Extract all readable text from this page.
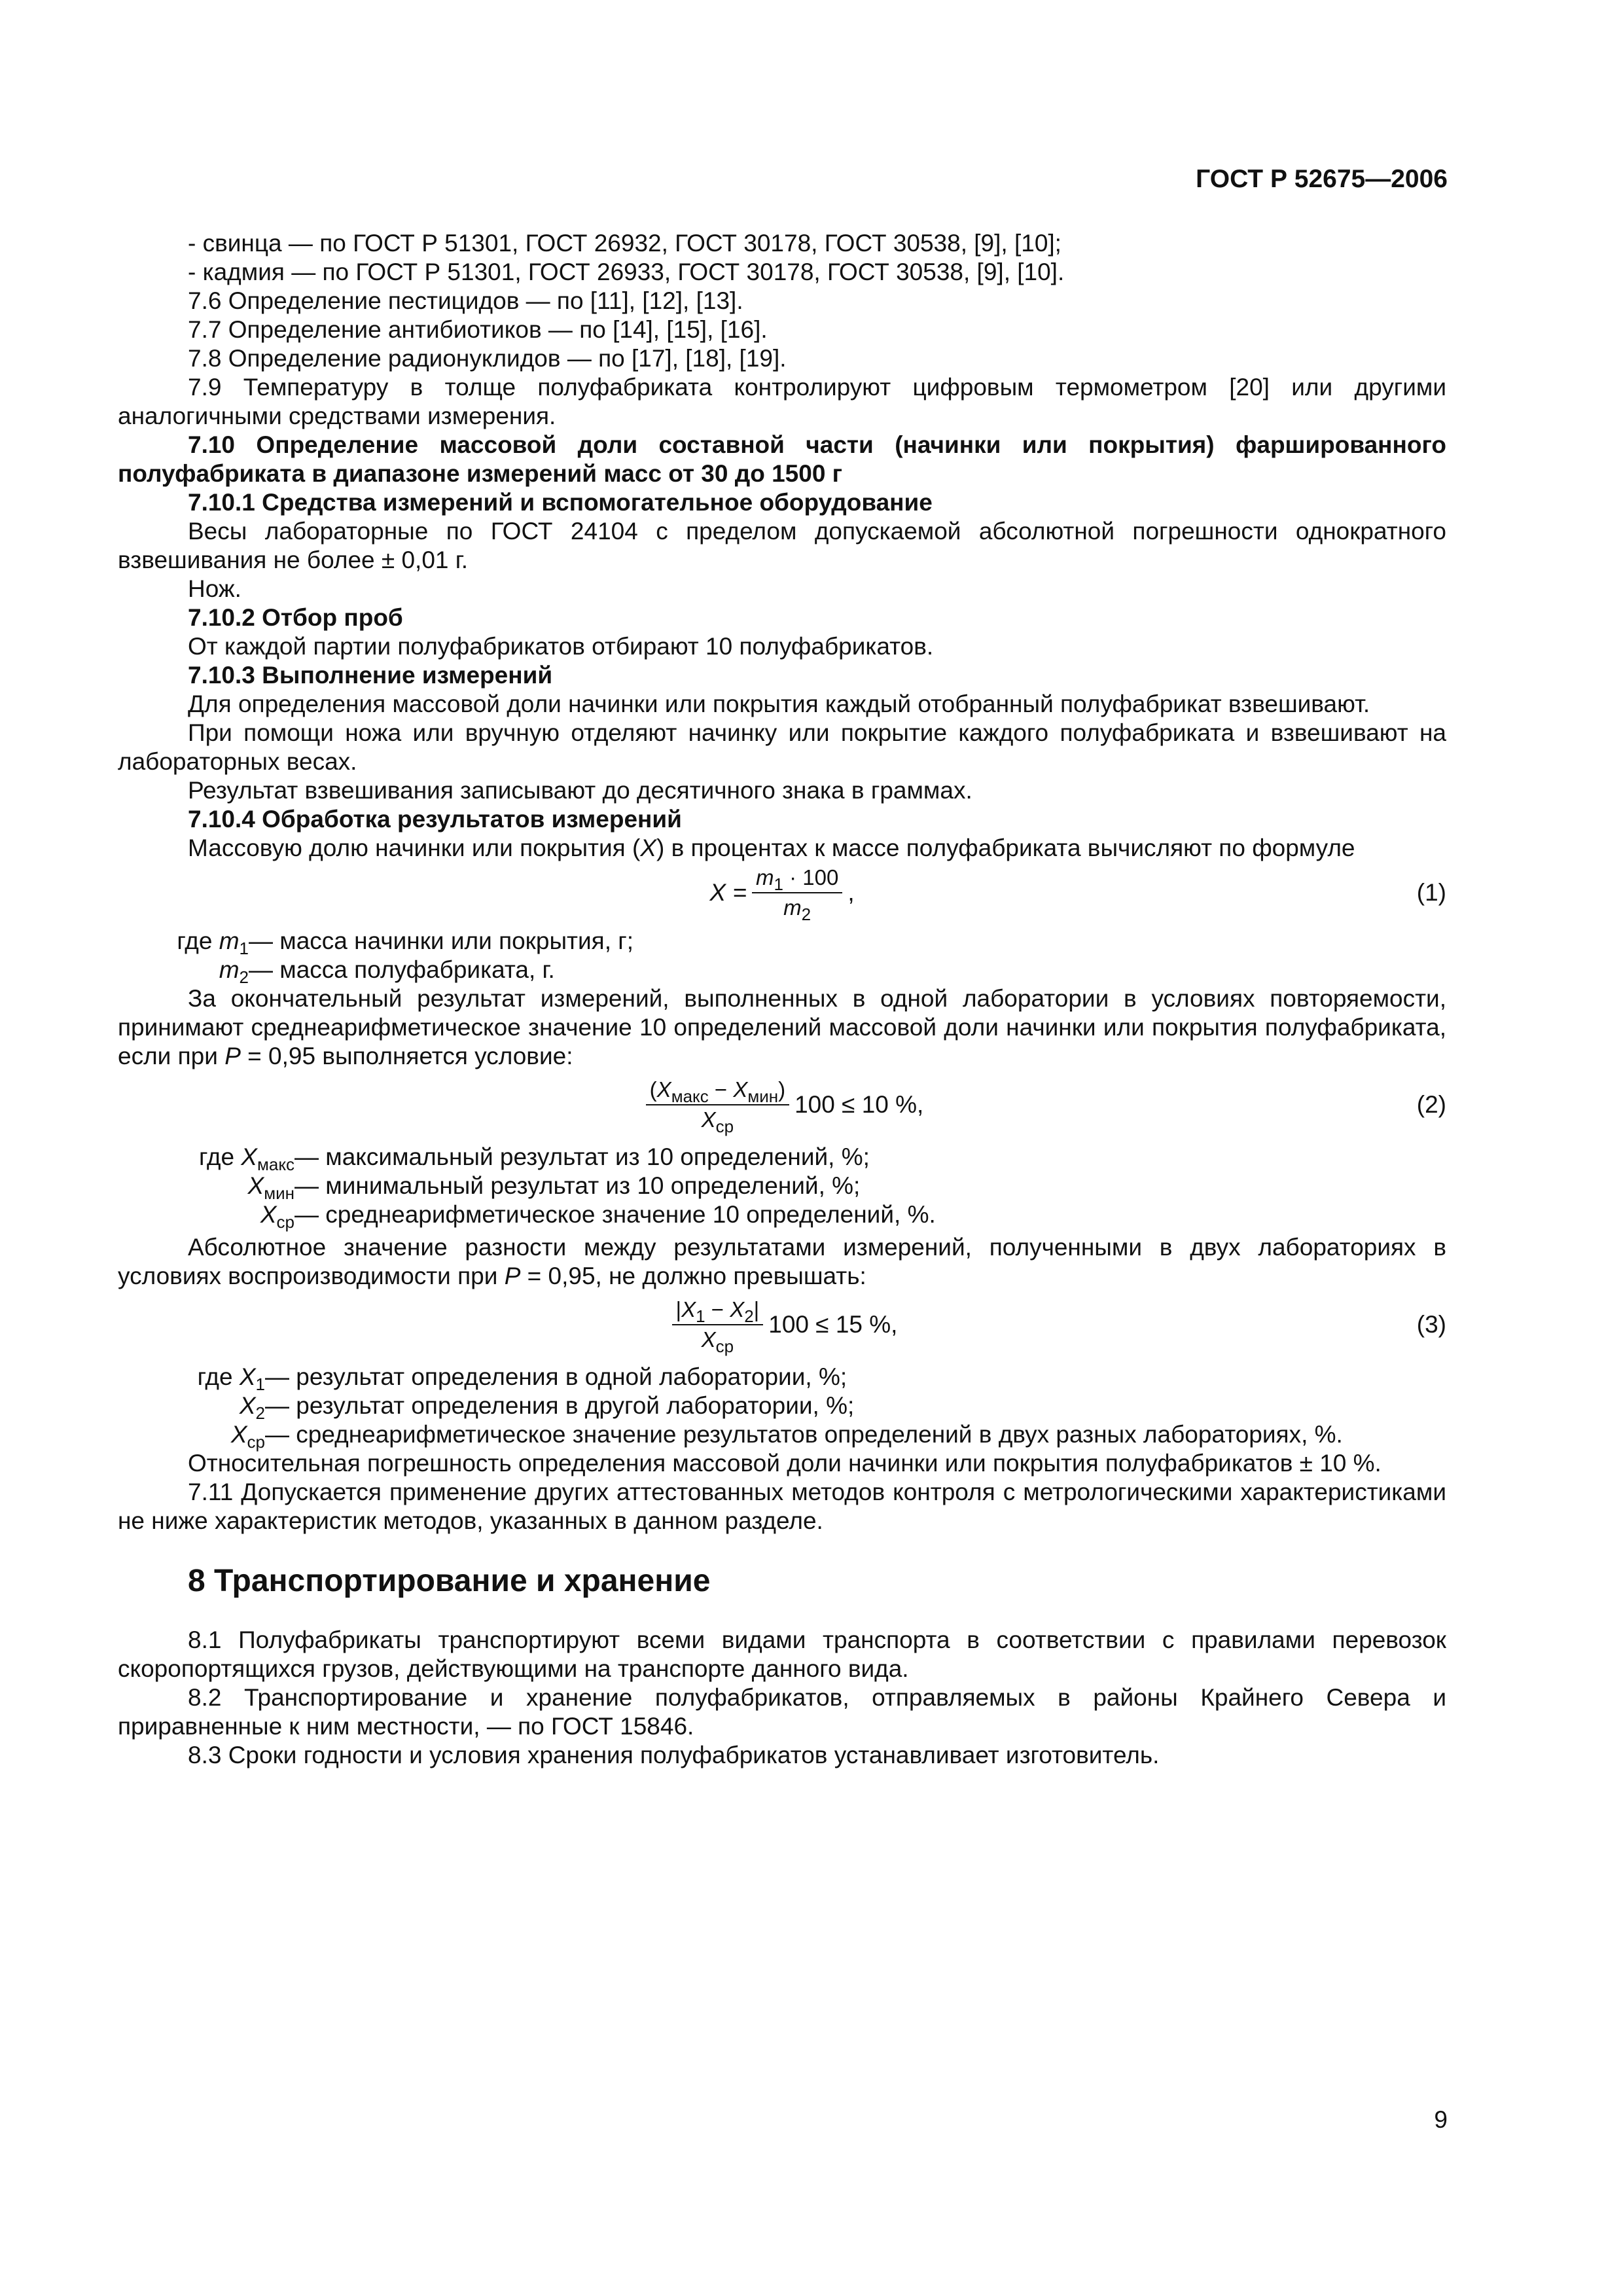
ГОСТ Р 52675—2006
- свинца — по ГОСТ Р 51301, ГОСТ 26932, ГОСТ 30178, ГОСТ 30538, [9], [10];
- кадмия — по ГОСТ Р 51301, ГОСТ 26933, ГОСТ 30178, ГОСТ 30538, [9], [10].
7.6 Определение пестицидов — по [11], [12], [13].
7.7 Определение антибиотиков — по [14], [15], [16].
7.8 Определение радионуклидов — по [17], [18], [19].
7.9 Температуру в толще полуфабриката контролируют цифровым термометром [20] или другими аналогичными средствами измерения.
7.10 Определение массовой доли составной части (начинки или покрытия) фаршированного полуфабриката в диапазоне измерений масс от 30 до 1500 г
7.10.1 Средства измерений и вспомогательное оборудование
Весы лабораторные по ГОСТ 24104 с пределом допускаемой абсолютной погрешности однократного взвешивания не более ± 0,01 г.
Нож.
7.10.2 Отбор проб
От каждой партии полуфабрикатов отбирают 10 полуфабрикатов.
7.10.3 Выполнение измерений
Для определения массовой доли начинки или покрытия каждый отобранный полуфабрикат взвешивают.
При помощи ножа или вручную отделяют начинку или покрытие каждого полуфабриката и взвешивают на лабораторных весах.
Результат взвешивания записывают до десятичного знака в граммах.
7.10.4 Обработка результатов измерений
Массовую долю начинки или покрытия (X) в процентах к массе полуфабриката вычисляют по формуле
$X = \frac{m_1 \cdot 100}{m_2}$ ,	(1)
где $m_1$ — масса начинки или покрытия, г;
$m_2$ — масса полуфабриката, г.
За окончательный результат измерений, выполненных в одной лаборатории в условиях повторяемости, принимают среднеарифметическое значение 10 определений массовой доли начинки или покрытия полуфабриката, если при P = 0,95 выполняется условие:
$\frac{(X_{макс} - X_{мин})}{X_{ср}} 100 \le 10$ %,	(2)
где $X_{макс}$ — максимальный результат из 10 определений, %;
$X_{мин}$ — минимальный результат из 10 определений, %;
$X_{ср}$ — среднеарифметическое значение 10 определений, %.
Абсолютное значение разности между результатами измерений, полученными в двух лабораториях в условиях воспроизводимости при P = 0,95, не должно превышать:
$\frac{|X_1 - X_2|}{X_{ср}} 100 \le 15$ %,	(3)
где $X_1$ — результат определения в одной лаборатории, %;
$X_2$ — результат определения в другой лаборатории, %;
$X_{ср}$ — среднеарифметическое значение результатов определений в двух разных лабораториях, %.
Относительная погрешность определения массовой доли начинки или покрытия полуфабрикатов ± 10 %.
7.11 Допускается применение других аттестованных методов контроля с метрологическими характеристиками не ниже характеристик методов, указанных в данном разделе.
8 Транспортирование и хранение
8.1 Полуфабрикаты транспортируют всеми видами транспорта в соответствии с правилами перевозок скоропортящихся грузов, действующими на транспорте данного вида.
8.2 Транспортирование и хранение полуфабрикатов, отправляемых в районы Крайнего Севера и приравненные к ним местности, — по ГОСТ 15846.
8.3 Сроки годности и условия хранения полуфабрикатов устанавливает изготовитель.
9
